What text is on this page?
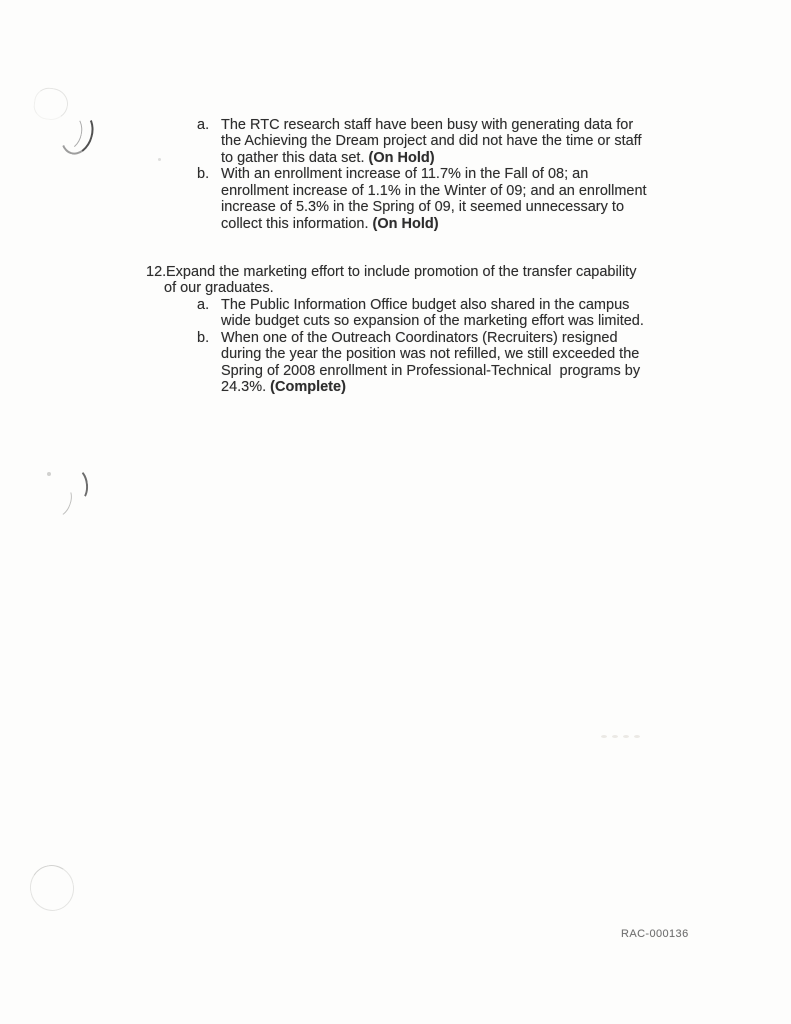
a. The RTC research staff have been busy with generating data for
the Achieving the Dream project and did not have the time or staff
to gather this data set. (On Hold)
b. With an enrollment increase of 11.7% in the Fall of 08; an
enrollment increase of 1.1% in the Winter of 09; and an enrollment
increase of 5.3% in the Spring of 09, it seemed unnecessary to
collect this information. (On Hold)
12. Expand the marketing effort to include promotion of the transfer capability
of our graduates.
a. The Public Information Office budget also shared in the campus
wide budget cuts so expansion of the marketing effort was limited.
b. When one of the Outreach Coordinators (Recruiters) resigned
during the year the position was not refilled, we still exceeded the
Spring of 2008 enrollment in Professional-Technical  programs by
24.3%. (Complete)
RAC-000136
